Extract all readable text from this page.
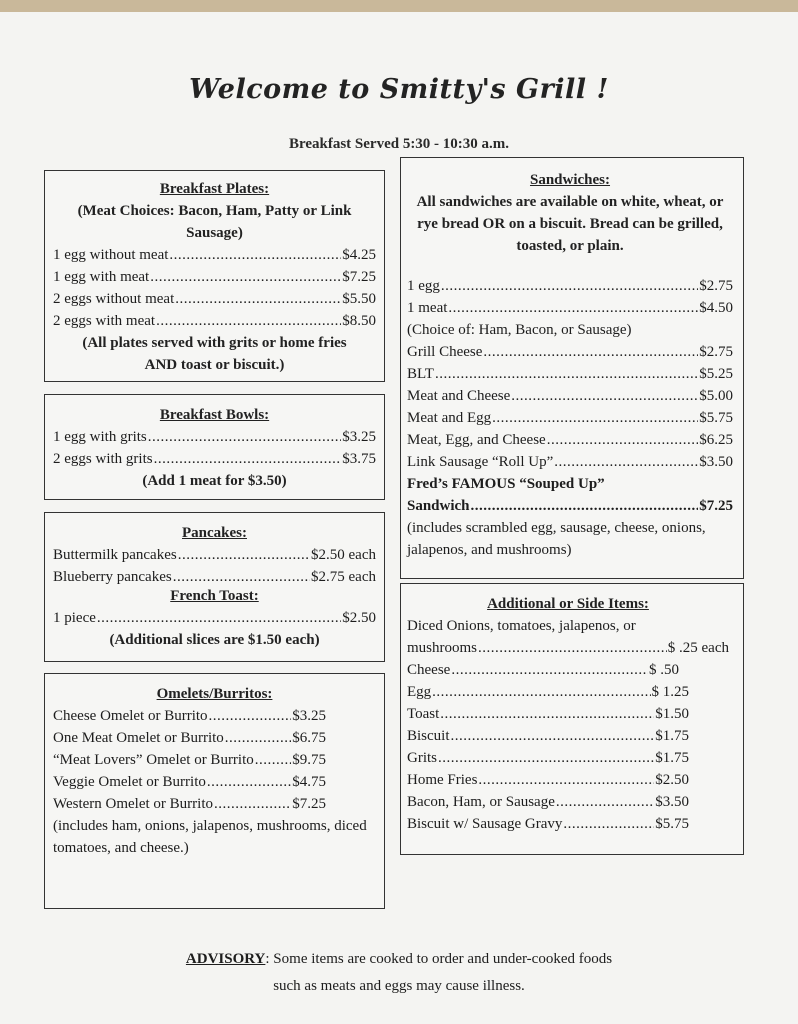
Welcome to Smitty's Grill !
Breakfast Served 5:30 - 10:30 a.m.
Breakfast Plates:
(Meat Choices: Bacon, Ham, Patty or Link Sausage)
1 egg without meat .....	$4.25
1 egg with meat .....	$7.25
2 eggs without meat .....	$5.50
2 eggs with meat .....	$8.50
(All plates served with grits or home fries AND toast or biscuit.)
Breakfast Bowls:
1 egg with grits .....	$3.25
2 eggs with grits .....	$3.75
(Add 1 meat for $3.50)
Pancakes:
Buttermilk pancakes .....	$2.50 each
Blueberry pancakes .....	$2.75 each
French Toast:
1 piece .....	$2.50
(Additional slices are $1.50 each)
Omelets/Burritos:
Cheese Omelet or Burrito .....	$3.25
One Meat Omelet or Burrito .....	$6.75
“Meat Lovers” Omelet or Burrito .....	$9.75
Veggie Omelet or Burrito .....	$4.75
Western Omelet or Burrito .....	$7.25
(includes ham, onions, jalapenos, mushrooms, diced tomatoes, and cheese.)
Sandwiches:
All sandwiches are available on white, wheat, or rye bread OR on a biscuit. Bread can be grilled, toasted, or plain.
1 egg .....	$2.75
1 meat .....	$4.50
(Choice of: Ham, Bacon, or Sausage)
Grill Cheese .....	$2.75
BLT .....	$5.25
Meat and Cheese .....	$5.00
Meat and Egg .....	$5.75
Meat, Egg, and Cheese .....	$6.25
Link Sausage “Roll Up” .....	$3.50
Fred’s FAMOUS “Souped Up”
Sandwich .....	$7.25
(includes scrambled egg, sausage, cheese, onions, jalapenos, and mushrooms)
Additional or Side Items:
Diced Onions, tomatoes, jalapenos, or
mushrooms .....	$ .25 each
Cheese .....	$ .50
Egg .....	$ 1.25
Toast .....	$1.50
Biscuit .....	$1.75
Grits .....	$1.75
Home Fries .....	$2.50
Bacon, Ham, or Sausage .....	$3.50
Biscuit w/ Sausage Gravy .....	$5.75
ADVISORY: Some items are cooked to order and under-cooked foods
such as meats and eggs may cause illness.
